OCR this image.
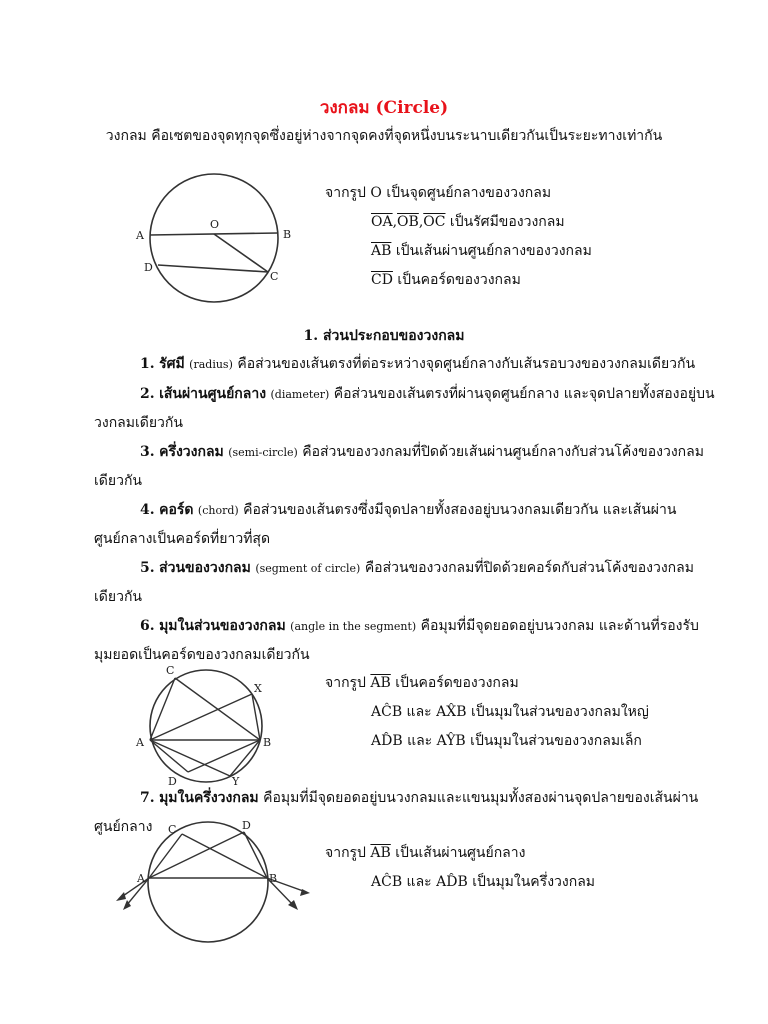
วงกลม (Circle)
วงกลม คือเซตของจุดทุกจุดซึ่งอยู่ห่างจากจุดคงที่จุดหนึ่งบนระนาบเดียวกันเป็นระยะทางเท่ากัน
O
A	B
D
C
จากรูป O เป็นจุดศูนย์กลางของวงกลม
$\overline{OA},\overline{OB},\overline{OC}$ เป็นรัศมีของวงกลม
$\overline{AB}$ เป็นเส้นผ่านศูนย์กลางของวงกลม
$\overline{CD}$ เป็นคอร์ดของวงกลม
1. ส่วนประกอบของวงกลม
1. รัศมี (radius) คือส่วนของเส้นตรงที่ต่อระหว่างจุดศูนย์กลางกับเส้นรอบวงของวงกลมเดียวกัน
2. เส้นผ่านศูนย์กลาง (diameter) คือส่วนของเส้นตรงที่ผ่านจุดศูนย์กลาง และจุดปลายทั้งสองอยู่บน
วงกลมเดียวกัน
3. ครึ่งวงกลม (semi-circle) คือส่วนของวงกลมที่ปิดด้วยเส้นผ่านศูนย์กลางกับส่วนโค้งของวงกลม
เดียวกัน
4. คอร์ด (chord) คือส่วนของเส้นตรงซึ่งมีจุดปลายทั้งสองอยู่บนวงกลมเดียวกัน และเส้นผ่าน
ศูนย์กลางเป็นคอร์ดที่ยาวที่สุด
5. ส่วนของวงกลม (segment of circle) คือส่วนของวงกลมที่ปิดด้วยคอร์ดกับส่วนโค้งของวงกลม
เดียวกัน
6. มุมในส่วนของวงกลม (angle in the segment) คือมุมที่มีจุดยอดอยู่บนวงกลม และด้านที่รองรับ
มุมยอดเป็นคอร์ดของวงกลมเดียวกัน
C
X
A	B
D	Y
จากรูป $\overline{AB}$ เป็นคอร์ดของวงกลม
AĈB และ AX̂B เป็นมุมในส่วนของวงกลมใหญ่
AD̂B และ AŶB เป็นมุมในส่วนของวงกลมเล็ก
7. มุมในครึ่งวงกลม คือมุมที่มีจุดยอดอยู่บนวงกลมและแขนมุมทั้งสองผ่านจุดปลายของเส้นผ่าน
ศูนย์กลาง C	D
A	B
จากรูป $\overline{AB}$ เป็นเส้นผ่านศูนย์กลาง
AĈB และ AD̂B เป็นมุมในครึ่งวงกลม
